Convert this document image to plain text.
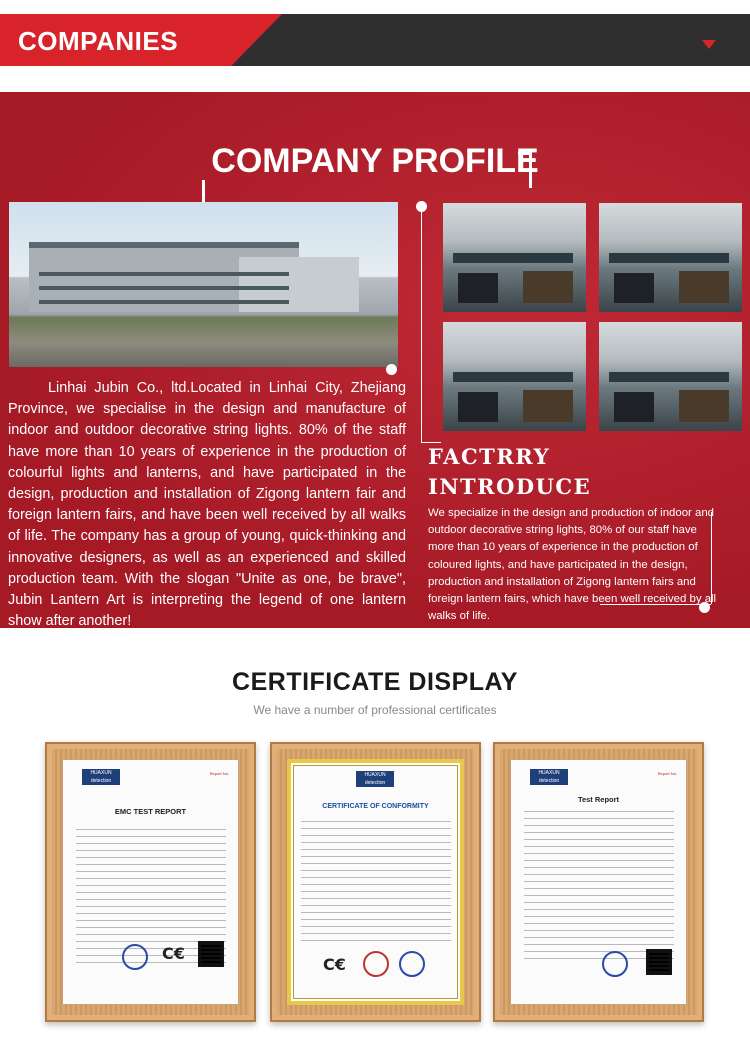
COMPANIES
COMPANY PROFILE

Linhai Jubin Co., ltd.Located in Linhai City, Zhejiang Province, we specialise in the design and manufacture of indoor and outdoor decorative string lights. 80% of the staff have more than 10 years of experience in the production of colourful lights and lanterns, and have participated in the design, production and installation of Zigong lantern fair and foreign lantern fairs, and have been well received by all walks of life. The company has a group of young, quick-thinking and innovative designers, as well as an experienced and skilled production team. With the slogan "Unite as one, be brave", Jubin Lantern Art is interpreting the legend of one lantern show after another!

FACTRRY
INTRODUCE

We specialize in the design and production of indoor and outdoor decorative string lights, 80% of our staff have more than 10 years of experience in the production of coloured lights, and have participated in the design, production and installation of Zigong lantern fairs and foreign lantern fairs, which have been well received by all walks of life.

CERTIFICATE DISPLAY
We have a number of professional certificates
HUAXUN detection
Report No.
EMC TEST REPORT
C€
HUAXUN detection
CERTIFICATE OF CONFORMITY
C€
HUAXUN detection
Report No.
Test Report
